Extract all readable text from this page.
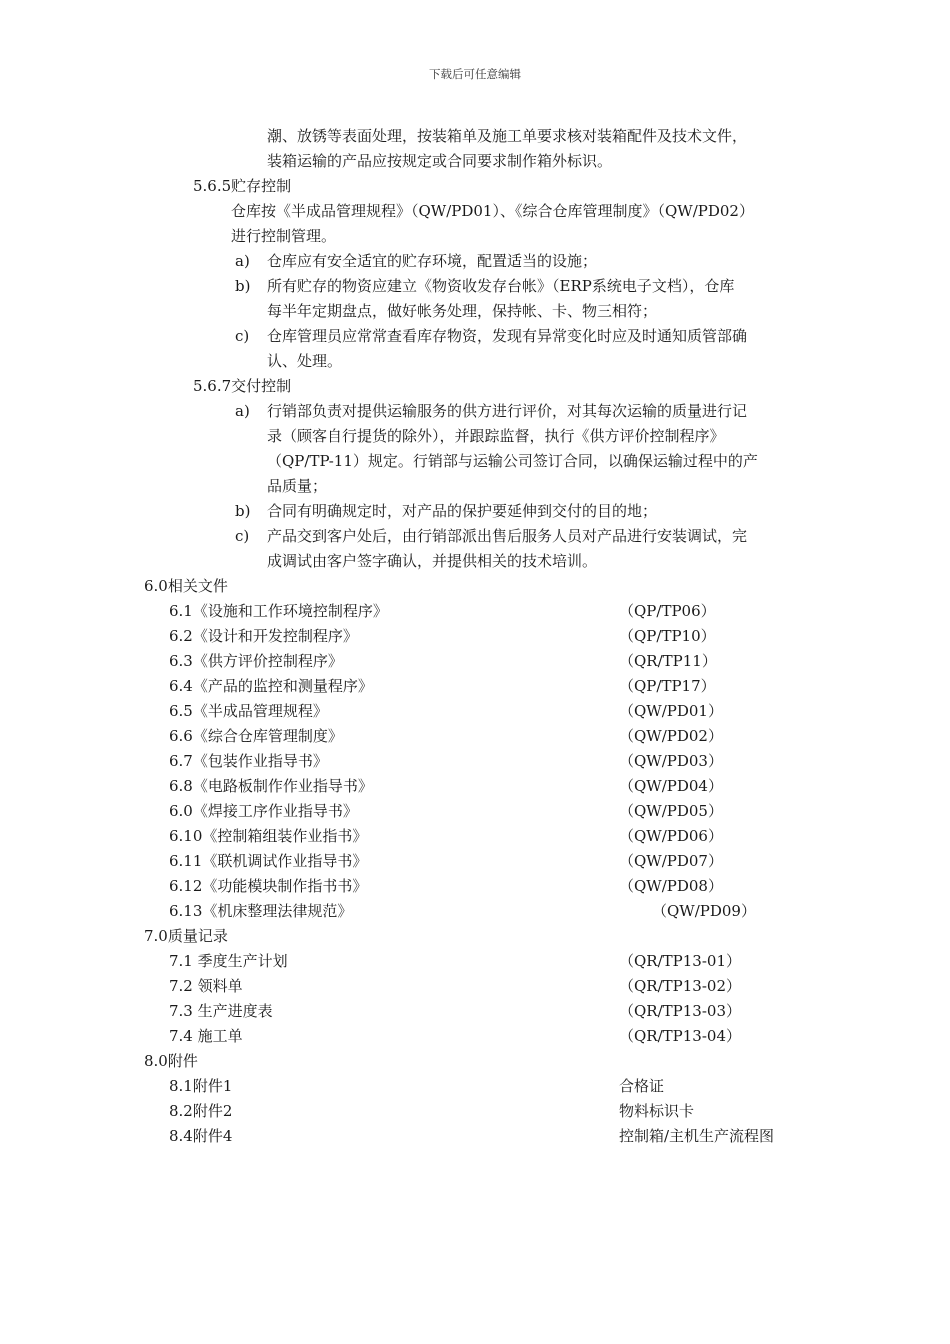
下载后可任意编辑
潮、放锈等表面处理，按装箱单及施工单要求核对装箱配件及技术文件，
装箱运输的产品应按规定或合同要求制作箱外标识。
5.6.5贮存控制
仓库按《半成品管理规程》（QW/PD01）、《综合仓库管理制度》（QW/PD02）
进行控制管理。
a) 仓库应有安全适宜的贮存环境，配置适当的设施；
b) 所有贮存的物资应建立《物资收发存台帐》（ERP系统电子文档），仓库
每半年定期盘点，做好帐务处理，保持帐、卡、物三相符；
c) 仓库管理员应常常查看库存物资，发现有异常变化时应及时通知质管部确
认、处理。
5.6.7交付控制
a) 行销部负责对提供运输服务的供方进行评价，对其每次运输的质量进行记
录（顾客自行提货的除外），并跟踪监督，执行《供方评价控制程序》
（QP/TP-11）规定。行销部与运输公司签订合同，以确保运输过程中的产
品质量；
b) 合同有明确规定时，对产品的保护要延伸到交付的目的地；
c) 产品交到客户处后，由行销部派出售后服务人员对产品进行安装调试，完
成调试由客户签字确认，并提供相关的技术培训。
6.0相关文件
6.1《设施和工作环境控制程序》	（QP/TP06）
6.2《设计和开发控制程序》	（QP/TP10）
6.3《供方评价控制程序》	（QR/TP11）
6.4《产品的监控和测量程序》	（QP/TP17）
6.5《半成品管理规程》	（QW/PD01）
6.6《综合仓库管理制度》	（QW/PD02）
6.7《包装作业指导书》	（QW/PD03）
6.8《电路板制作作业指导书》	（QW/PD04）
6.0《焊接工序作业指导书》	（QW/PD05）
6.10《控制箱组装作业指书》	（QW/PD06）
6.11《联机调试作业指导书》	（QW/PD07）
6.12《功能模块制作指书书》	（QW/PD08）
6.13《机床整理法律规范》	（QW/PD09）
7.0质量记录
7.1 季度生产计划	（QR/TP13-01）
7.2 领料单	（QR/TP13-02）
7.3 生产进度表	（QR/TP13-03）
7.4 施工单	（QR/TP13-04）
8.0附件
8.1附件1	合格证
8.2附件2	物料标识卡
8.4附件4	控制箱/主机生产流程图
